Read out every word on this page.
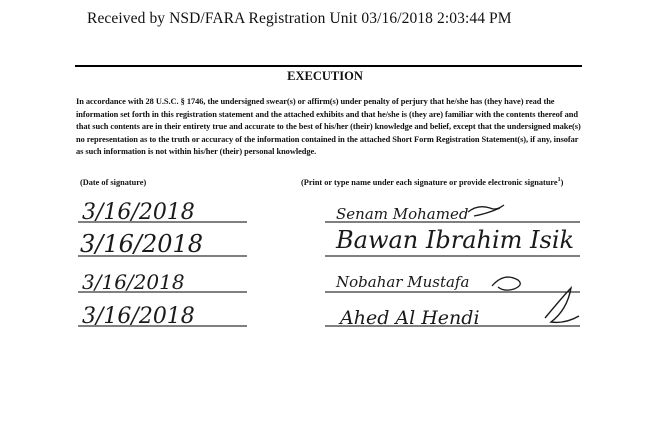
Received by NSD/FARA Registration Unit 03/16/2018 2:03:44 PM
EXECUTION
In accordance with 28 U.S.C. § 1746, the undersigned swear(s) or affirm(s) under penalty of perjury that he/she has (they have) read the information set forth in this registration statement and the attached exhibits and that he/she is (they are) familiar with the contents thereof and that such contents are in their entirety true and accurate to the best of his/her (their) knowledge and belief, except that the undersigned make(s) no representation as to the truth or accuracy of the information contained in the attached Short Form Registration Statement(s), if any, insofar as such information is not within his/her (their) personal knowledge.
(Date of signature)	(Print or type name under each signature or provide electronic signature$^1$)
3/16/2018	Senam Mohamed
3/16/2018	Bawan Ibrahim Isik
3/16/2018	Nobahar Mustafa
3/16/2018	Ahed Al Hendi
